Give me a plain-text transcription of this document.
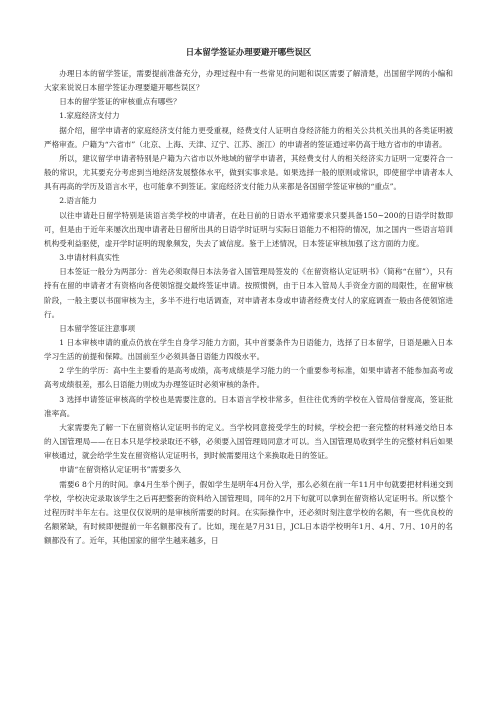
日本留学签证办理要避开哪些误区

办理日本的留学签证，需要提前准备充分，办理过程中有一些常见的问题和误区需要了解清楚，出国留学网的小编和大家来说说日本留学签证办理要避开哪些误区？

日本的留学签证的审核重点有哪些？

1.家庭经济支付力

据介绍，留学申请者的家庭经济支付能力更受重视，经费支付人证明自身经济能力的相关公共机关出具的各类证明被严格审查。户籍为“六省市”（北京、上海、天津、辽宁、江苏、浙江）的申请者的签证通过率仍高于地方省市的申请者。

所以，建议留学申请者特别是户籍为六省市以外地域的留学申请者，其经费支付人的相关经济实力证明一定要符合一般的常识，尤其要充分考虑到当地经济发展整体水平，做到实事求是。如果选择一般的原则或常识，即使留学申请者本人具有再高的学历及语言水平，也可能拿不到签证。家庭经济支付能力从来都是各国留学签证审核的“重点”。

2.语言能力

以往申请赴日留学特别是读语言类学校的申请者，在赴日前的日语水平通常要求只要具备150~200的日语学时数即可，但是由于近年来屡次出现申请者赴日留所出具的日语学时证明与实际日语能力不相符的情况，加之国内一些语言培训机构受利益驱使，虚开学时证明的现象频发，失去了诚信度。鉴于上述情况，日本签证审核加强了这方面的力度。

3.申请材料真实性

日本签证一般分为两部分：首先必须取得日本法务省入国管理局签发的《在留资格认定证明书》（简称“在留”），只有持有在留的申请者才有资格向各使领馆提交最终签证申请。按照惯例，由于日本入管局人手资金方面的局限性，在留审核阶段，一般主要以书面审核为主，多半不进行电话调查，对申请者本身或申请者经费支付人的家庭调查一般由各使领馆进行。

日本留学签证注意事项

1 日本审核申请的重点仍放在学生自身学习能力方面，其中首要条件为日语能力，选择了日本留学，日语是融入日本学习生活的前提和保障。出国前至少必须具备日语能力四级水平。

2 学生的学历：高中生主要看的是高考成绩，高考成绩是学习能力的一个重要参考标准，如果申请者不能参加高考或高考成绩很差，那么日语能力则成为办理签证时必须审核的条件。

3 选择申请签证审核高的学校也是需要注意的。日本语言学校非常多，但往往优秀的学校在入管局信誉度高，签证批准率高。

大家需要先了解一下在留资格认定证明书的定义。当学校同意接受学生的时候，学校会把一套完整的材料递交给日本的入国管理局——在日本只是学校录取还不够，必须要入国管理局同意才可以。当入国管理局收到学生的完整材料后如果审核通过，就会给学生发在留资格认定证明书，到时候需要用这个来换取赴日的签证。

申请“在留资格认定证明书”需要多久

需要6 8个月的时间。拿4月生举个例子，假如学生是明年4月份入学，那么必须在前一年11月中旬就要把材料递交到学校，学校决定录取该学生之后再把整套的资料给入国管理局，同年的2月下旬就可以拿到在留资格认定证明书。所以整个过程历时半年左右。这里仅仅说明的是审核所需要的时间。在实际操作中，还必须时刻注意学校的名额，有一些优良校的名额紧缺，有时候即便提前一年名额都没有了。比如，现在是7月31日，JCL日本语学校明年1月、4月、7月、10月的名额都没有了。近年，其他国家的留学生越来越多，日
